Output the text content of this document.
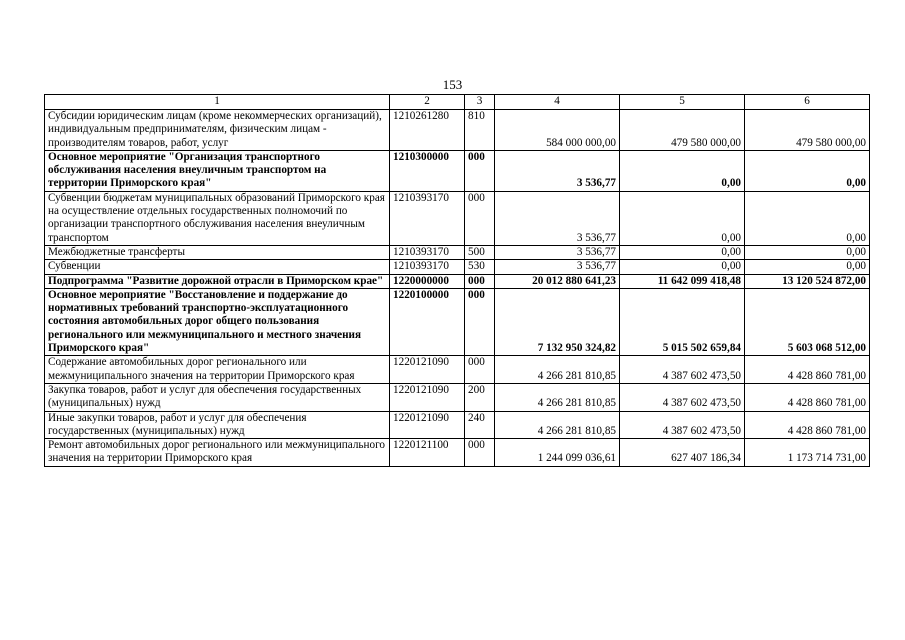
153
1	2	3	4	5	6
Субсидии юридическим лицам (кроме некоммерческих организаций), индивидуальным предпринимателям, физическим лицам - производителям товаров, работ, услуг	1210261280	810	584 000 000,00	479 580 000,00	479 580 000,00
Основное мероприятие "Организация транспортного обслуживания населения внеуличным транспортом на территории Приморского края"	1210300000	000	3 536,77	0,00	0,00
Субвенции бюджетам муниципальных образований Приморского края на осуществление отдельных государственных полномочий по организации транспортного обслуживания населения внеуличным транспортом	1210393170	000	3 536,77	0,00	0,00
Межбюджетные трансферты	1210393170	500	3 536,77	0,00	0,00
Субвенции	1210393170	530	3 536,77	0,00	0,00
Подпрограмма "Развитие дорожной отрасли в Приморском крае"	1220000000	000	20 012 880 641,23	11 642 099 418,48	13 120 524 872,00
Основное мероприятие "Восстановление и поддержание до нормативных требований транспортно-эксплуатационного состояния автомобильных дорог общего пользования регионального или межмуниципального и местного значения Приморского края"	1220100000	000	7 132 950 324,82	5 015 502 659,84	5 603 068 512,00
Содержание автомобильных дорог регионального или межмуниципального значения на территории Приморского края	1220121090	000	4 266 281 810,85	4 387 602 473,50	4 428 860 781,00
Закупка товаров, работ и услуг для обеспечения государственных (муниципальных) нужд	1220121090	200	4 266 281 810,85	4 387 602 473,50	4 428 860 781,00
Иные закупки товаров, работ и услуг для обеспечения государственных (муниципальных) нужд	1220121090	240	4 266 281 810,85	4 387 602 473,50	4 428 860 781,00
Ремонт автомобильных дорог регионального или межмуниципального значения на территории Приморского края	1220121100	000	1 244 099 036,61	627 407 186,34	1 173 714 731,00
